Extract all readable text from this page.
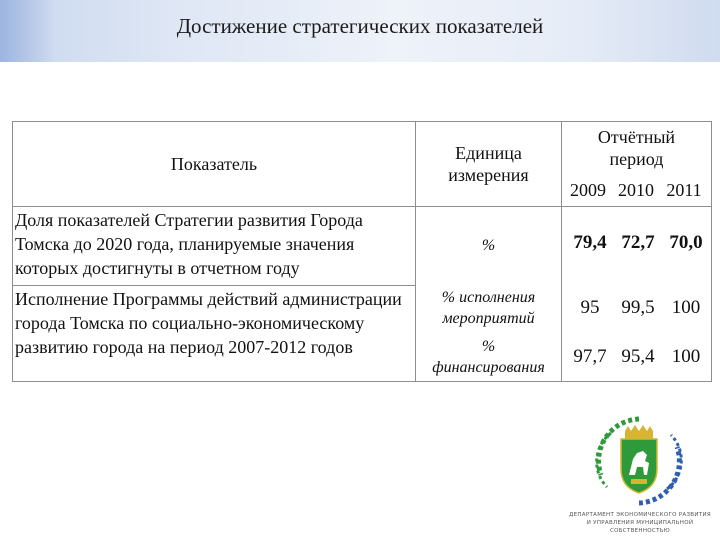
Достижение стратегических показателей
Показатель
Единица измерения
Отчётный период
2009 2010 2011
Доля показателей Стратегии развития Города Томска до 2020 года, планируемые значения которых достигнуты в отчетном году
%	79,4 72,7 70,0
Исполнение Программы действий администрации города Томска по социально-экономическому развитию города на период 2007-2012 годов
% исполнения мероприятий
95	99,5 100
% финансирования
97,7 95,4 100
ДЕПАРТАМЕНТ ЭКОНОМИЧЕСКОГО РАЗВИТИЯ
И УПРАВЛЕНИЯ МУНИЦИПАЛЬНОЙ СОБСТВЕННОСТЬЮ
